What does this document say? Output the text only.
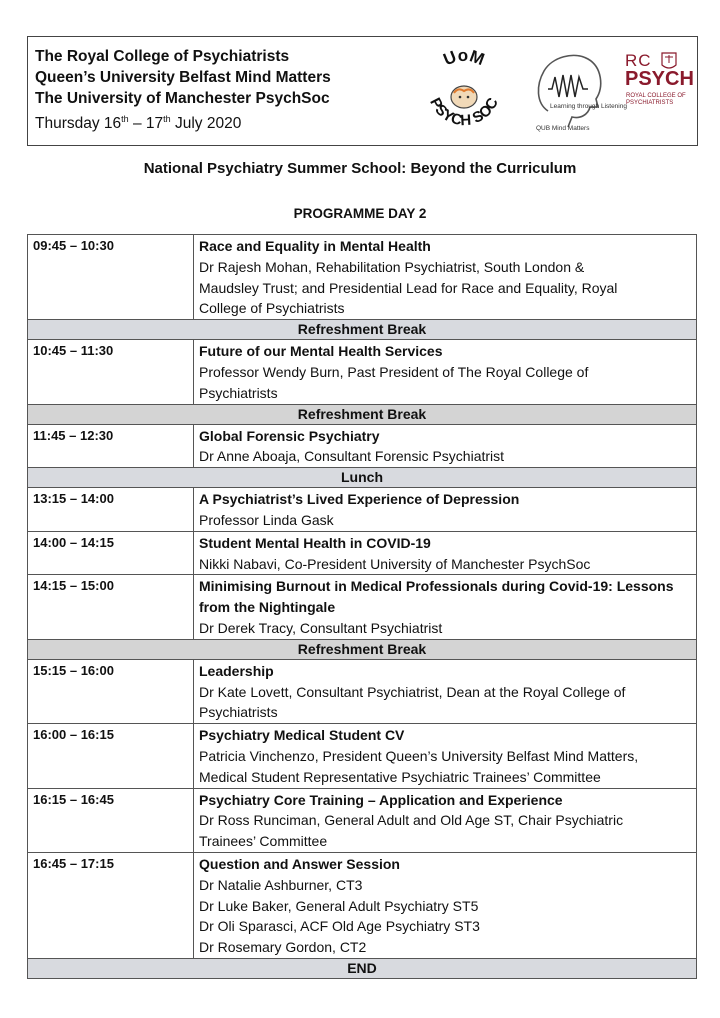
The Royal College of Psychiatrists
Queen’s University Belfast Mind Matters
The University of Manchester PsychSoc
Thursday 16th – 17th July 2020
UoM
PSYCH SOC	Learning through Listening
QUB Mind Matters
RC
PSYCH
ROYAL COLLEGE OF PSYCHIATRISTS
National Psychiatry Summer School: Beyond the Curriculum
PROGRAMME DAY 2
09:45 – 10:30	Race and Equality in Mental Health
Dr Rajesh Mohan, Rehabilitation Psychiatrist, South London &
Maudsley Trust; and Presidential Lead for Race and Equality, Royal
College of Psychiatrists

Refreshment Break	
10:45 – 11:30	Future of our Mental Health Services
Professor Wendy Burn, Past President of The Royal College of
Psychiatrists

Refreshment Break	
11:45 – 12:30	Global Forensic Psychiatry
Dr Anne Aboaja, Consultant Forensic Psychiatrist

Lunch	
13:15 – 14:00	A Psychiatrist’s Lived Experience of Depression
Professor Linda Gask

14:00 – 14:15	Student Mental Health in COVID-19
Nikki Nabavi, Co-President University of Manchester PsychSoc

14:15 – 15:00	Minimising Burnout in Medical Professionals during Covid-19: Lessons
from the Nightingale
Dr Derek Tracy, Consultant Psychiatrist

Refreshment Break	
15:15 – 16:00	Leadership
Dr Kate Lovett, Consultant Psychiatrist, Dean at the Royal College of
Psychiatrists

16:00 – 16:15	Psychiatry Medical Student CV
Patricia Vinchenzo, President Queen’s University Belfast Mind Matters,
Medical Student Representative Psychiatric Trainees’ Committee

16:15 – 16:45	Psychiatry Core Training – Application and Experience
Dr Ross Runciman, General Adult and Old Age ST, Chair Psychiatric
Trainees’ Committee

16:45 – 17:15	Question and Answer Session
Dr Natalie Ashburner, CT3
Dr Luke Baker, General Adult Psychiatry ST5
Dr Oli Sparasci, ACF Old Age Psychiatry ST3
Dr Rosemary Gordon, CT2

END	
